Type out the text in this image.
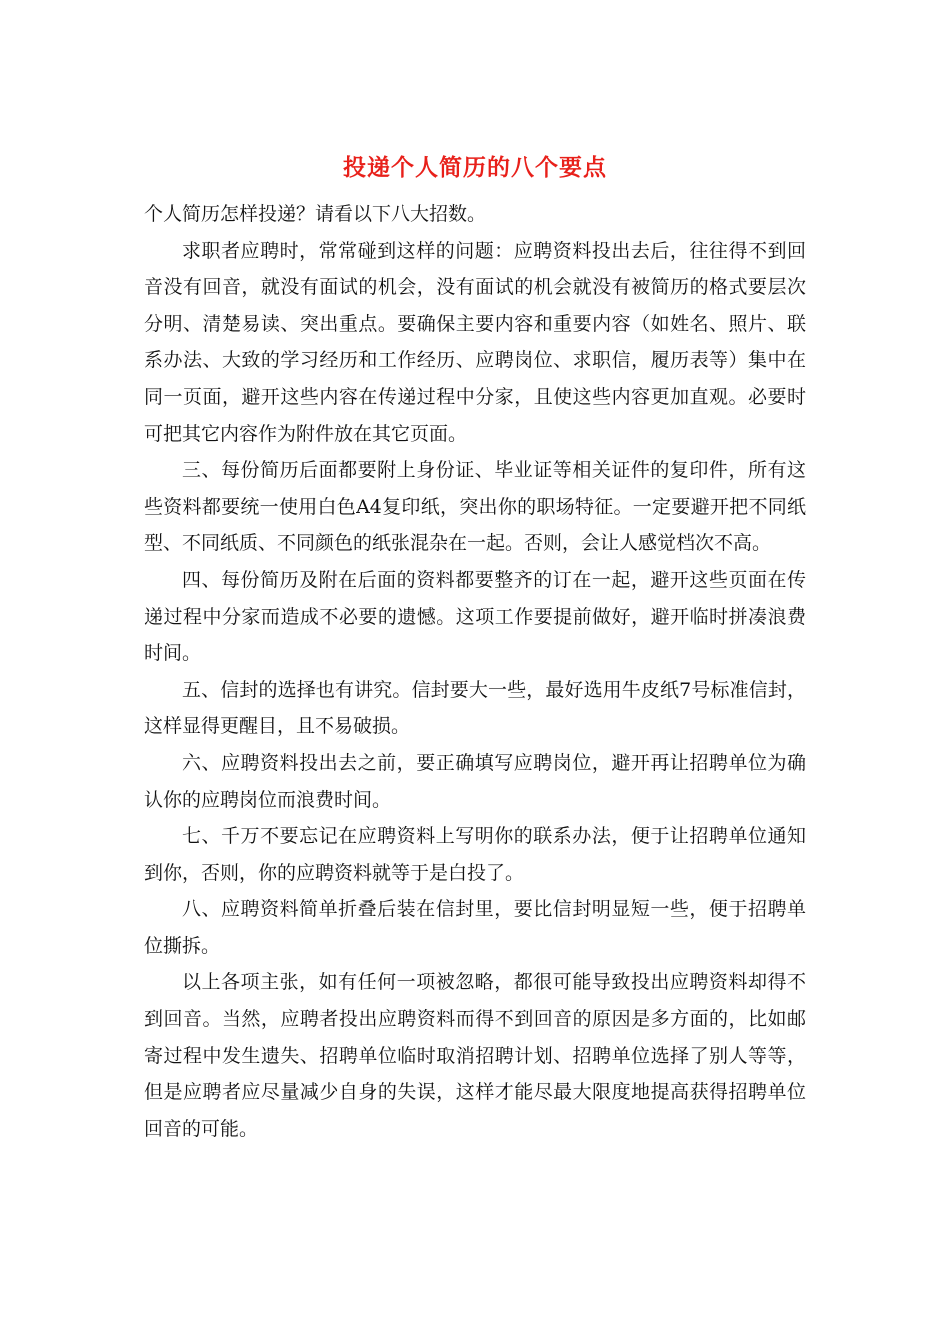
投递个人简历的八个要点

个人简历怎样投递？请看以下八大招数。

求职者应聘时，常常碰到这样的问题：应聘资料投出去后，往往得不到回音没有回音，就没有面试的机会，没有面试的机会就没有被简历的格式要层次分明、清楚易读、突出重点。要确保主要内容和重要内容（如姓名、照片、联系办法、大致的学习经历和工作经历、应聘岗位、求职信，履历表等）集中在同一页面，避开这些内容在传递过程中分家，且使这些内容更加直观。必要时可把其它内容作为附件放在其它页面。

三、每份简历后面都要附上身份证、毕业证等相关证件的复印件，所有这些资料都要统一使用白色A4复印纸，突出你的职场特征。一定要避开把不同纸型、不同纸质、不同颜色的纸张混杂在一起。否则，会让人感觉档次不高。

四、每份简历及附在后面的资料都要整齐的订在一起，避开这些页面在传递过程中分家而造成不必要的遗憾。这项工作要提前做好，避开临时拼凑浪费时间。

五、信封的选择也有讲究。信封要大一些，最好选用牛皮纸7号标准信封，这样显得更醒目，且不易破损。

六、应聘资料投出去之前，要正确填写应聘岗位，避开再让招聘单位为确认你的应聘岗位而浪费时间。

七、千万不要忘记在应聘资料上写明你的联系办法，便于让招聘单位通知到你，否则，你的应聘资料就等于是白投了。

八、应聘资料简单折叠后装在信封里，要比信封明显短一些，便于招聘单位撕拆。

以上各项主张，如有任何一项被忽略，都很可能导致投出应聘资料却得不到回音。当然，应聘者投出应聘资料而得不到回音的原因是多方面的，比如邮寄过程中发生遗失、招聘单位临时取消招聘计划、招聘单位选择了别人等等，但是应聘者应尽量减少自身的失误，这样才能尽最大限度地提高获得招聘单位回音的可能。
